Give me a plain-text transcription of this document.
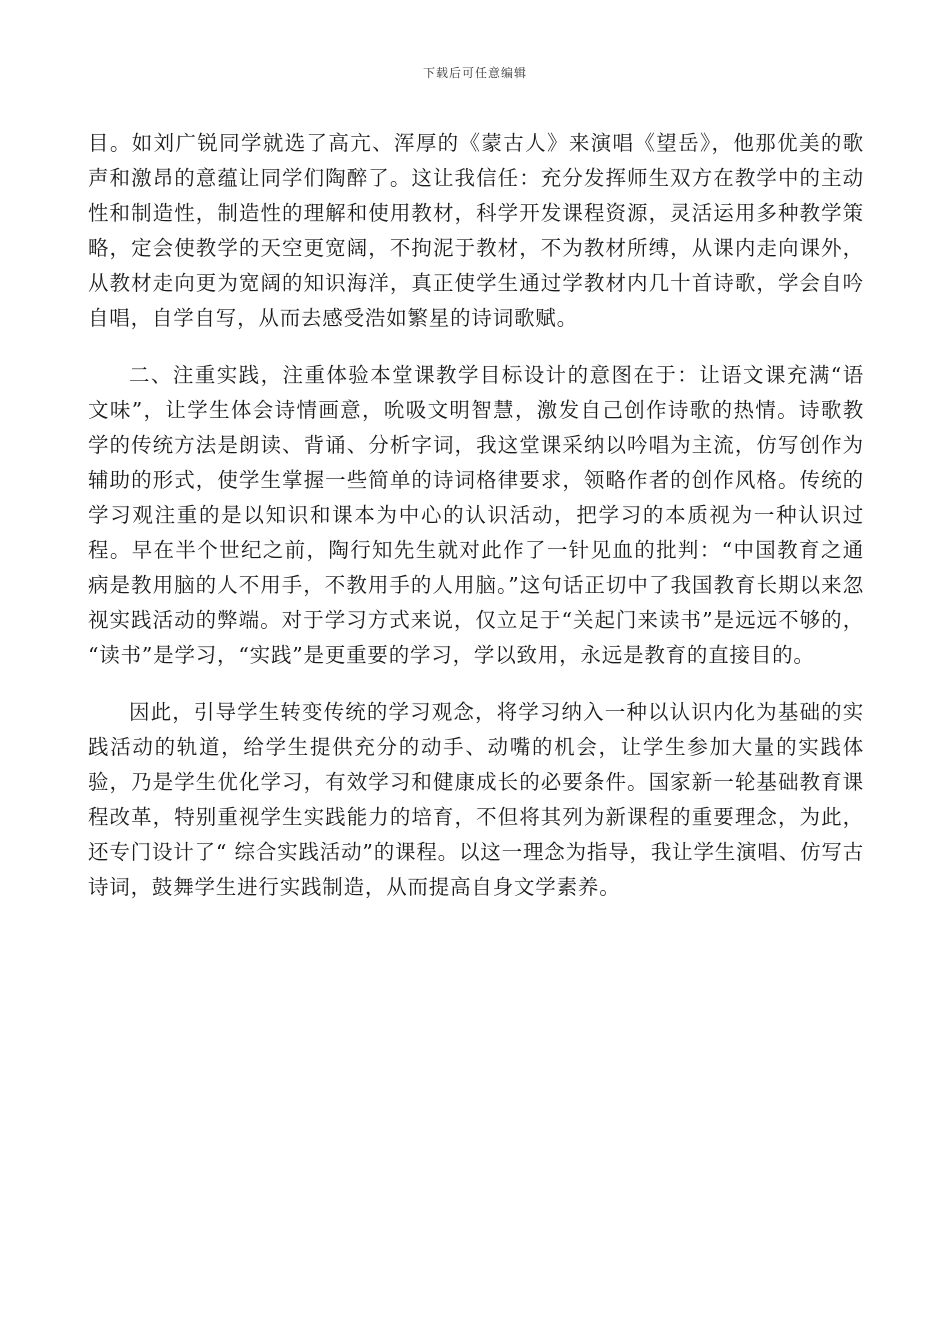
下载后可任意编辑

目。如刘广锐同学就选了高亢、浑厚的《蒙古人》来演唱《望岳》，他那优美的歌声和激昂的意蕴让同学们陶醉了。这让我信任：充分发挥师生双方在教学中的主动性和制造性，制造性的理解和使用教材，科学开发课程资源，灵活运用多种教学策略，定会使教学的天空更宽阔，不拘泥于教材，不为教材所缚，从课内走向课外，从教材走向更为宽阔的知识海洋，真正使学生通过学教材内几十首诗歌，学会自吟自唱，自学自写，从而去感受浩如繁星的诗词歌赋。

二、注重实践，注重体验本堂课教学目标设计的意图在于：让语文课充满“语文味”，让学生体会诗情画意，吮吸文明智慧，激发自己创作诗歌的热情。诗歌教学的传统方法是朗读、背诵、分析字词，我这堂课采纳以吟唱为主流，仿写创作为辅助的形式，使学生掌握一些简单的诗词格律要求，领略作者的创作风格。传统的学习观注重的是以知识和课本为中心的认识活动，把学习的本质视为一种认识过程。早在半个世纪之前，陶行知先生就对此作了一针见血的批判：“中国教育之通病是教用脑的人不用手，不教用手的人用脑。”这句话正切中了我国教育长期以来忽视实践活动的弊端。对于学习方式来说，仅立足于“关起门来读书”是远远不够的， “读书”是学习，“实践”是更重要的学习，学以致用，永远是教育的直接目的。

因此，引导学生转变传统的学习观念，将学习纳入一种以认识内化为基础的实践活动的轨道，给学生提供充分的动手、动嘴的机会，让学生参加大量的实践体验，乃是学生优化学习，有效学习和健康成长的必要条件。国家新一轮基础教育课程改革，特别重视学生实践能力的培育，不但将其列为新课程的重要理念，为此，还专门设计了“ 综合实践活动”的课程。以这一理念为指导，我让学生演唱、仿写古诗词，鼓舞学生进行实践制造，从而提高自身文学素养。
